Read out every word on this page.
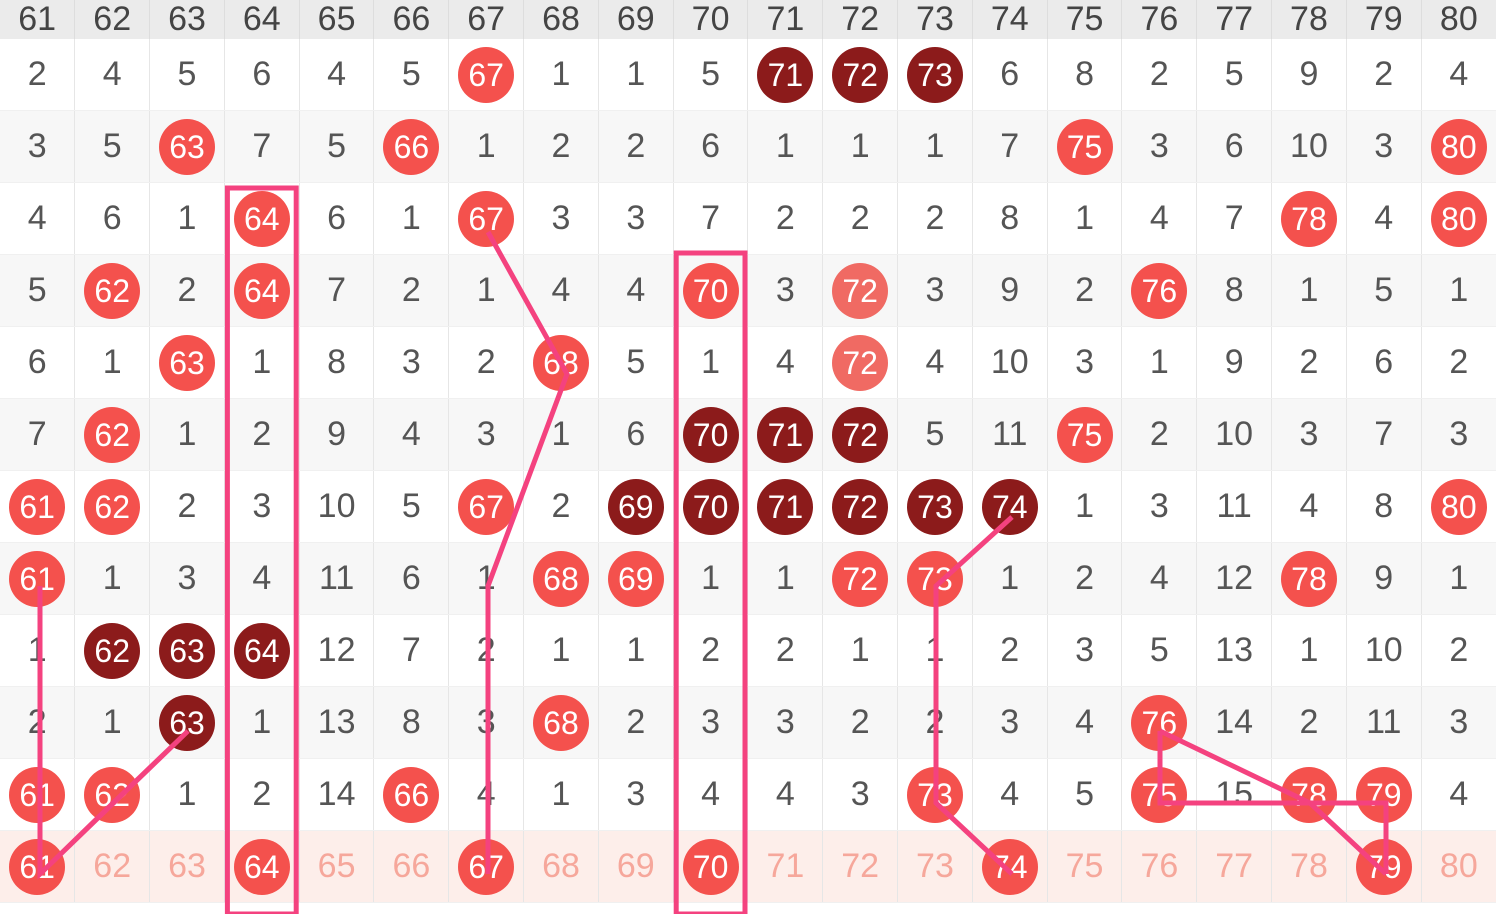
61	62	63	64	65	66	67	68	69	70	71	72	73	74	75	76	77	78	79	80
2	4	5	6	4	5	67	1	1	5	71	72	73	6	8	2	5	9	2	4
3	5	63	7	5	66	1	2	2	6	1	1	1	7	75	3	6	10	3	80
4	6	1	64	6	1	67	3	3	7	2	2	2	8	1	4	7	78	4	80
5	62	2	64	7	2	1	4	4	70	3	72	3	9	2	76	8	1	5	1
6	1	63	1	8	3	2	68	5	1	4	72	4	10	3	1	9	2	6	2
7	62	1	2	9	4	3	1	6	70	71	72	5	11	75	2	10	3	7	3
61	62	2	3	10	5	67	2	69	70	71	72	73	74	1	3	11	4	8	80
61	1	3	4	11	6	1	68	69	1	1	72	73	1	2	4	12	78	9	1
1	62	63	64	12	7	2	1	1	2	2	1	1	2	3	5	13	1	10	2
2	1	63	1	13	8	3	68	2	3	3	2	2	3	4	76	14	2	11	3
61	62	1	2	14	66	4	1	3	4	4	3	73	4	5	75	15	78	79	4
61	62	63	64	65	66	67	68	69	70	71	72	73	74	75	76	77	78	79	80
